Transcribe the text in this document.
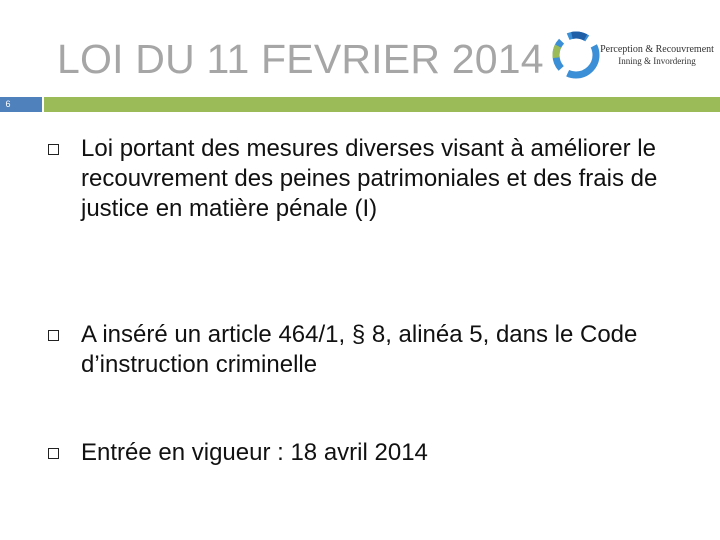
LOI DU 11 FEVRIER 2014	Perception & Recouvrement
Inning & Invordering
6
Loi portant des mesures diverses visant à améliorer le recouvrement des peines patrimoniales et des frais de justice en matière pénale (I)
A inséré un article 464/1, § 8, alinéa 5, dans le Code d’instruction criminelle
Entrée en vigueur : 18 avril 2014
